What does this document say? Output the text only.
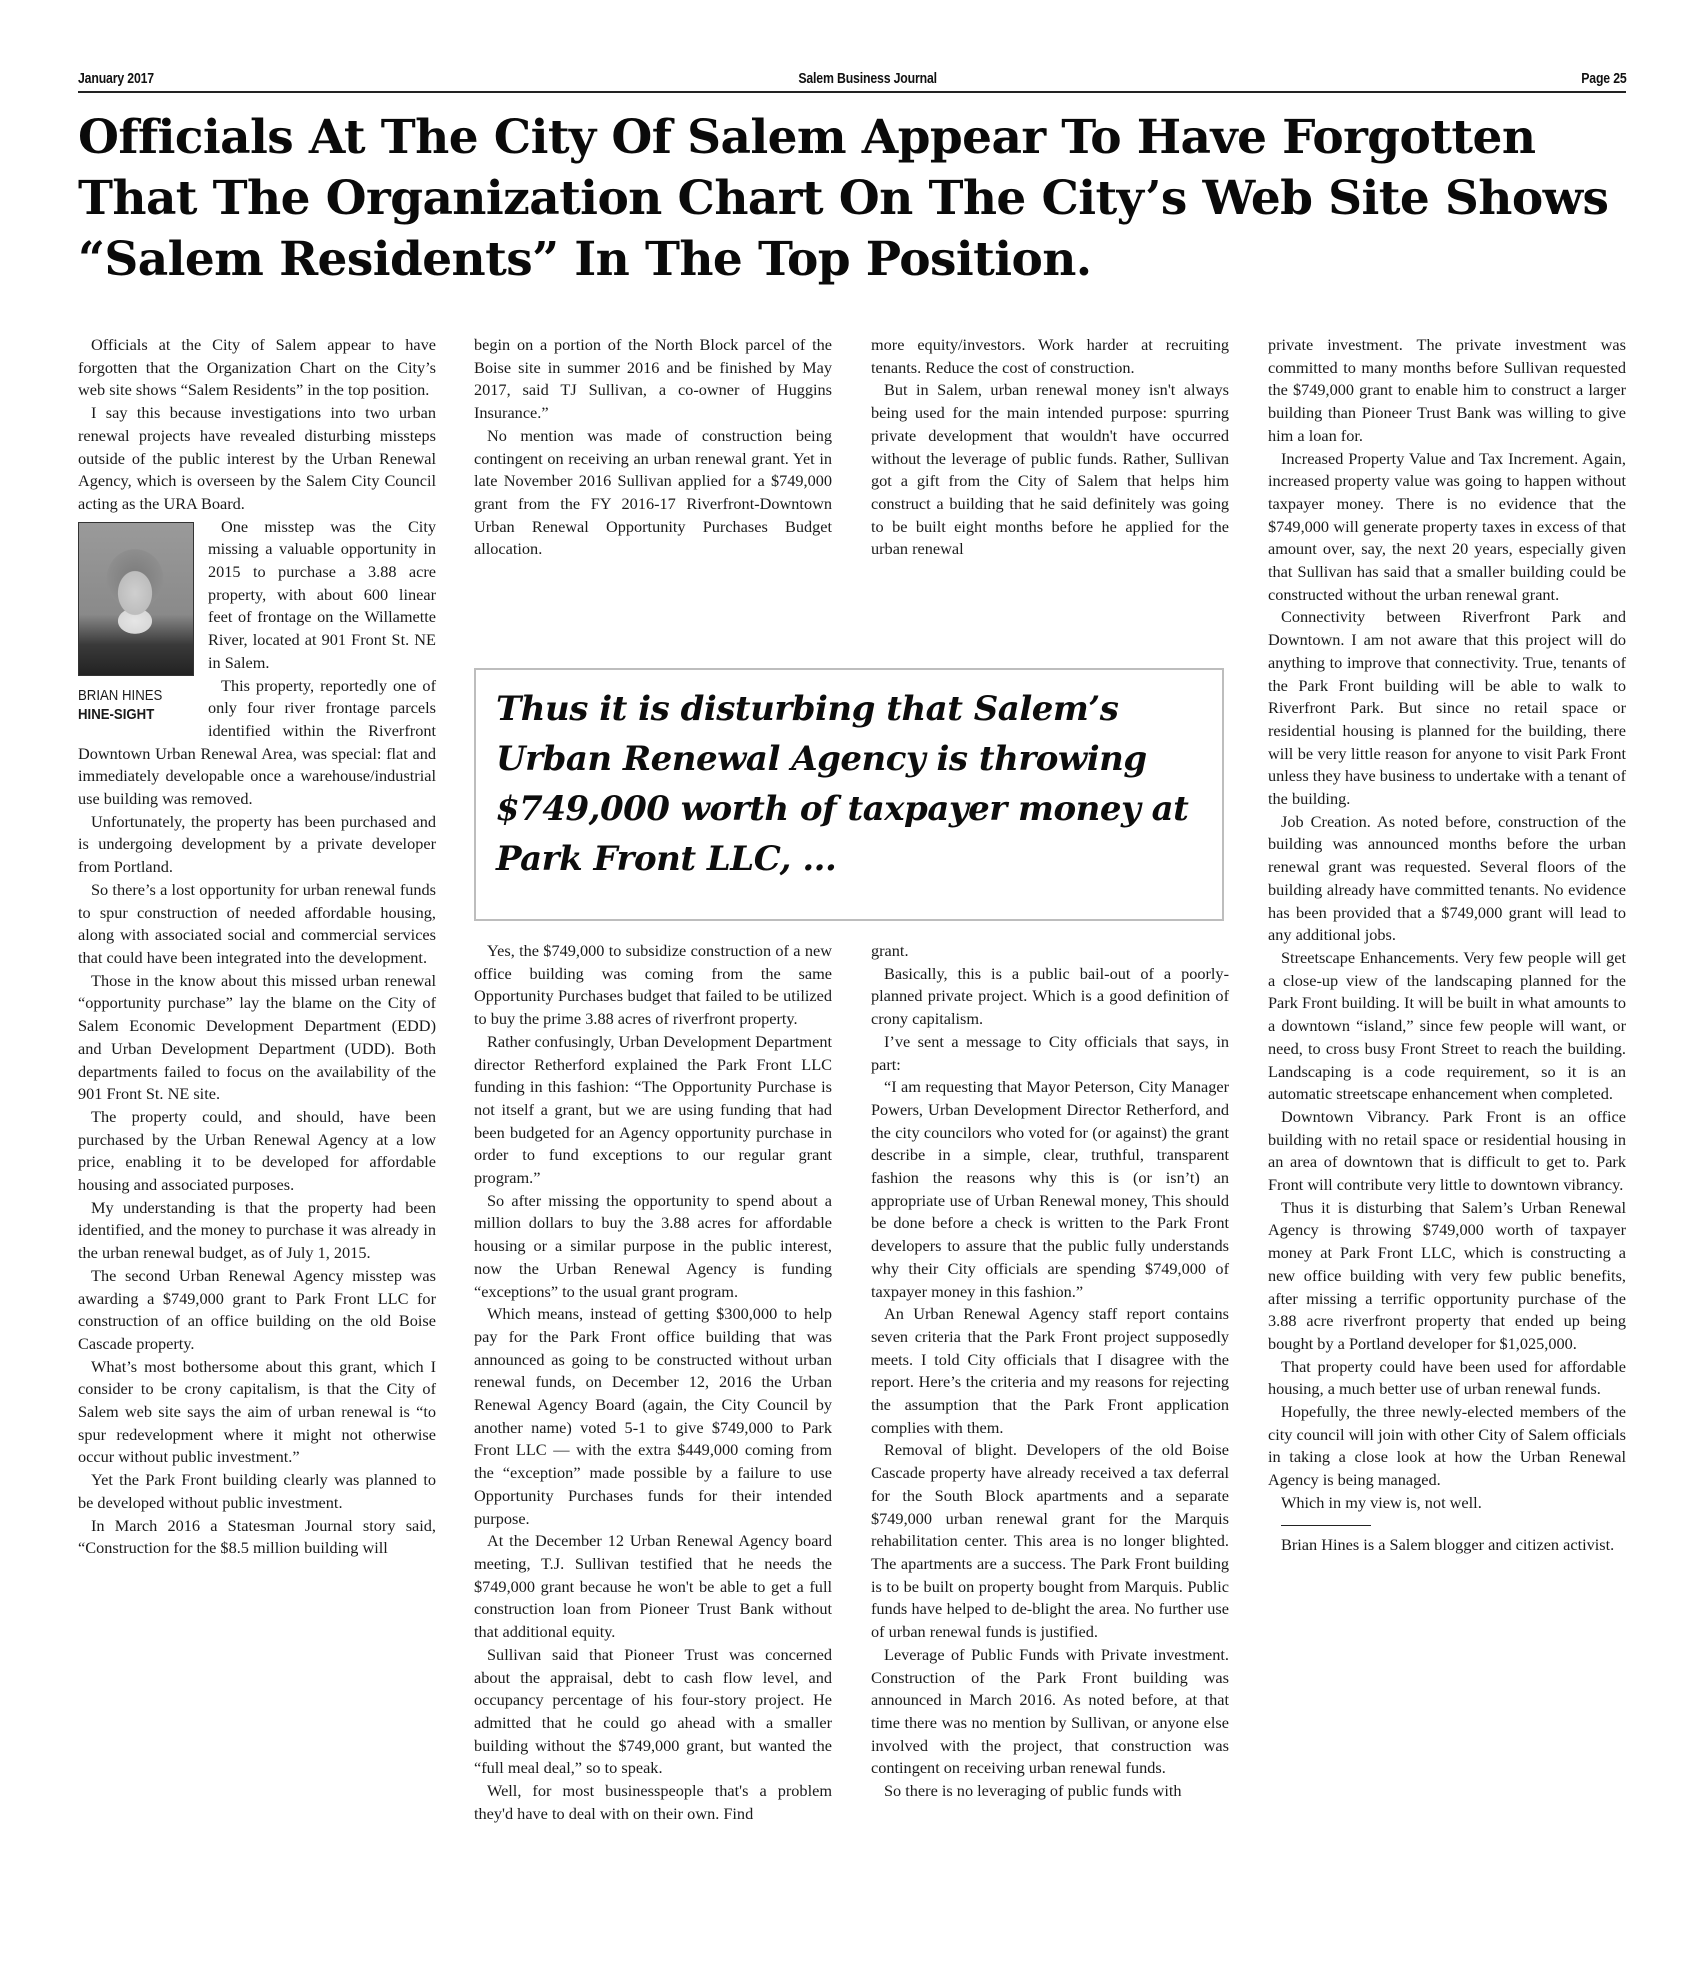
January 2017	Salem Business Journal	Page 25
Officials At The City Of Salem Appear To Have Forgotten That The Organization Chart On The City’s Web Site Shows “Salem Residents” In The Top Position.

Officials at the City of Salem appear to have forgotten that the Organization Chart on the City’s web site shows “Salem Residents” in the top position.

I say this because investigations into two urban renewal projects have revealed disturbing missteps outside of the public interest by the Urban Renewal Agency, which is overseen by the Salem City Council acting as the URA Board.

BRIAN HINES
HINE-SIGHT

One misstep was the City missing a valuable opportunity in 2015 to purchase a 3.88 acre property, with about 600 linear feet of frontage on the Willamette River, located at 901 Front St. NE in Salem.

This property, reportedly one of only four river frontage parcels identified within the Riverfront Downtown Urban Renewal Area, was special: flat and immediately developable once a warehouse/industrial use building was removed.

Unfortunately, the property has been purchased and is undergoing development by a private developer from Portland.

So there’s a lost opportunity for urban renewal funds to spur construction of needed affordable housing, along with associated social and commercial services that could have been integrated into the development.

Those in the know about this missed urban renewal “opportunity purchase” lay the blame on the City of Salem Economic Development Department (EDD) and Urban Development Department (UDD). Both departments failed to focus on the availability of the 901 Front St. NE site.

The property could, and should, have been purchased by the Urban Renewal Agency at a low price, enabling it to be developed for affordable housing and associated purposes.

My understanding is that the property had been identified, and the money to purchase it was already in the urban renewal budget, as of July 1, 2015.

The second Urban Renewal Agency misstep was awarding a $749,000 grant to Park Front LLC for construction of an office building on the old Boise Cascade property.

What’s most bothersome about this grant, which I consider to be crony capitalism, is that the City of Salem web site says the aim of urban renewal is “to spur redevelopment where it might not otherwise occur without public investment.”

Yet the Park Front building clearly was planned to be developed without public investment.

In March 2016 a Statesman Journal story said, “Construction for the $8.5 million building will

begin on a portion of the North Block parcel of the Boise site in summer 2016 and be finished by May 2017, said TJ Sullivan, a co-owner of Huggins Insurance.”

No mention was made of construction being contingent on receiving an urban renewal grant. Yet in late November 2016 Sullivan applied for a $749,000 grant from the FY 2016-17 Riverfront-Downtown Urban Renewal Opportunity Purchases Budget allocation.

more equity/investors. Work harder at recruiting tenants. Reduce the cost of construction.

But in Salem, urban renewal money isn't always being used for the main intended purpose: spurring private development that wouldn't have occurred without the leverage of public funds. Rather, Sullivan got a gift from the City of Salem that helps him construct a building that he said definitely was going to be built eight months before he applied for the urban renewal

Thus it is disturbing that Salem’s Urban Renewal Agency is throwing $749,000 worth of taxpayer money at Park Front LLC, ...

Yes, the $749,000 to subsidize construction of a new office building was coming from the same Opportunity Purchases budget that failed to be utilized to buy the prime 3.88 acres of riverfront property.

Rather confusingly, Urban Development Department director Retherford explained the Park Front LLC funding in this fashion: “The Opportunity Purchase is not itself a grant, but we are using funding that had been budgeted for an Agency opportunity purchase in order to fund exceptions to our regular grant program.”

So after missing the opportunity to spend about a million dollars to buy the 3.88 acres for affordable housing or a similar purpose in the public interest, now the Urban Renewal Agency is funding “exceptions” to the usual grant program.

Which means, instead of getting $300,000 to help pay for the Park Front office building that was announced as going to be constructed without urban renewal funds, on December 12, 2016 the Urban Renewal Agency Board (again, the City Council by another name) voted 5-1 to give $749,000 to Park Front LLC — with the extra $449,000 coming from the “exception” made possible by a failure to use Opportunity Purchases funds for their intended purpose.

At the December 12 Urban Renewal Agency board meeting, T.J. Sullivan testified that he needs the $749,000 grant because he won't be able to get a full construction loan from Pioneer Trust Bank without that additional equity.

Sullivan said that Pioneer Trust was concerned about the appraisal, debt to cash flow level, and occupancy percentage of his four-story project. He admitted that he could go ahead with a smaller building without the $749,000 grant, but wanted the “full meal deal,” so to speak.

Well, for most businesspeople that's a problem they'd have to deal with on their own. Find

grant.

Basically, this is a public bail-out of a poorly-planned private project. Which is a good definition of crony capitalism.

I’ve sent a message to City officials that says, in part:

“I am requesting that Mayor Peterson, City Manager Powers, Urban Development Director Retherford, and the city councilors who voted for (or against) the grant describe in a simple, clear, truthful, transparent fashion the reasons why this is (or isn’t) an appropriate use of Urban Renewal money, This should be done before a check is written to the Park Front developers to assure that the public fully understands why their City officials are spending $749,000 of taxpayer money in this fashion.”

An Urban Renewal Agency staff report contains seven criteria that the Park Front project supposedly meets. I told City officials that I disagree with the report. Here’s the criteria and my reasons for rejecting the assumption that the Park Front application complies with them.

Removal of blight. Developers of the old Boise Cascade property have already received a tax deferral for the South Block apartments and a separate $749,000 urban renewal grant for the Marquis rehabilitation center. This area is no longer blighted. The apartments are a success. The Park Front building is to be built on property bought from Marquis. Public funds have helped to de-blight the area. No further use of urban renewal funds is justified.

Leverage of Public Funds with Private investment. Construction of the Park Front building was announced in March 2016. As noted before, at that time there was no mention by Sullivan, or anyone else involved with the project, that construction was contingent on receiving urban renewal funds.

So there is no leveraging of public funds with

private investment. The private investment was committed to many months before Sullivan requested the $749,000 grant to enable him to construct a larger building than Pioneer Trust Bank was willing to give him a loan for.

Increased Property Value and Tax Increment. Again, increased property value was going to happen without taxpayer money. There is no evidence that the $749,000 will generate property taxes in excess of that amount over, say, the next 20 years, especially given that Sullivan has said that a smaller building could be constructed without the urban renewal grant.

Connectivity between Riverfront Park and Downtown. I am not aware that this project will do anything to improve that connectivity. True, tenants of the Park Front building will be able to walk to Riverfront Park. But since no retail space or residential housing is planned for the building, there will be very little reason for anyone to visit Park Front unless they have business to undertake with a tenant of the building.

Job Creation. As noted before, construction of the building was announced months before the urban renewal grant was requested. Several floors of the building already have committed tenants. No evidence has been provided that a $749,000 grant will lead to any additional jobs.

Streetscape Enhancements. Very few people will get a close-up view of the landscaping planned for the Park Front building. It will be built in what amounts to a downtown “island,” since few people will want, or need, to cross busy Front Street to reach the building. Landscaping is a code requirement, so it is an automatic streetscape enhancement when completed.

Downtown Vibrancy. Park Front is an office building with no retail space or residential housing in an area of downtown that is difficult to get to. Park Front will contribute very little to downtown vibrancy.

Thus it is disturbing that Salem’s Urban Renewal Agency is throwing $749,000 worth of taxpayer money at Park Front LLC, which is constructing a new office building with very few public benefits, after missing a terrific opportunity purchase of the 3.88 acre riverfront property that ended up being bought by a Portland developer for $1,025,000.

That property could have been used for affordable housing, a much better use of urban renewal funds.

Hopefully, the three newly-elected members of the city council will join with other City of Salem officials in taking a close look at how the Urban Renewal Agency is being managed.

Which in my view is, not well.

Brian Hines is a Salem blogger and citizen activist.
